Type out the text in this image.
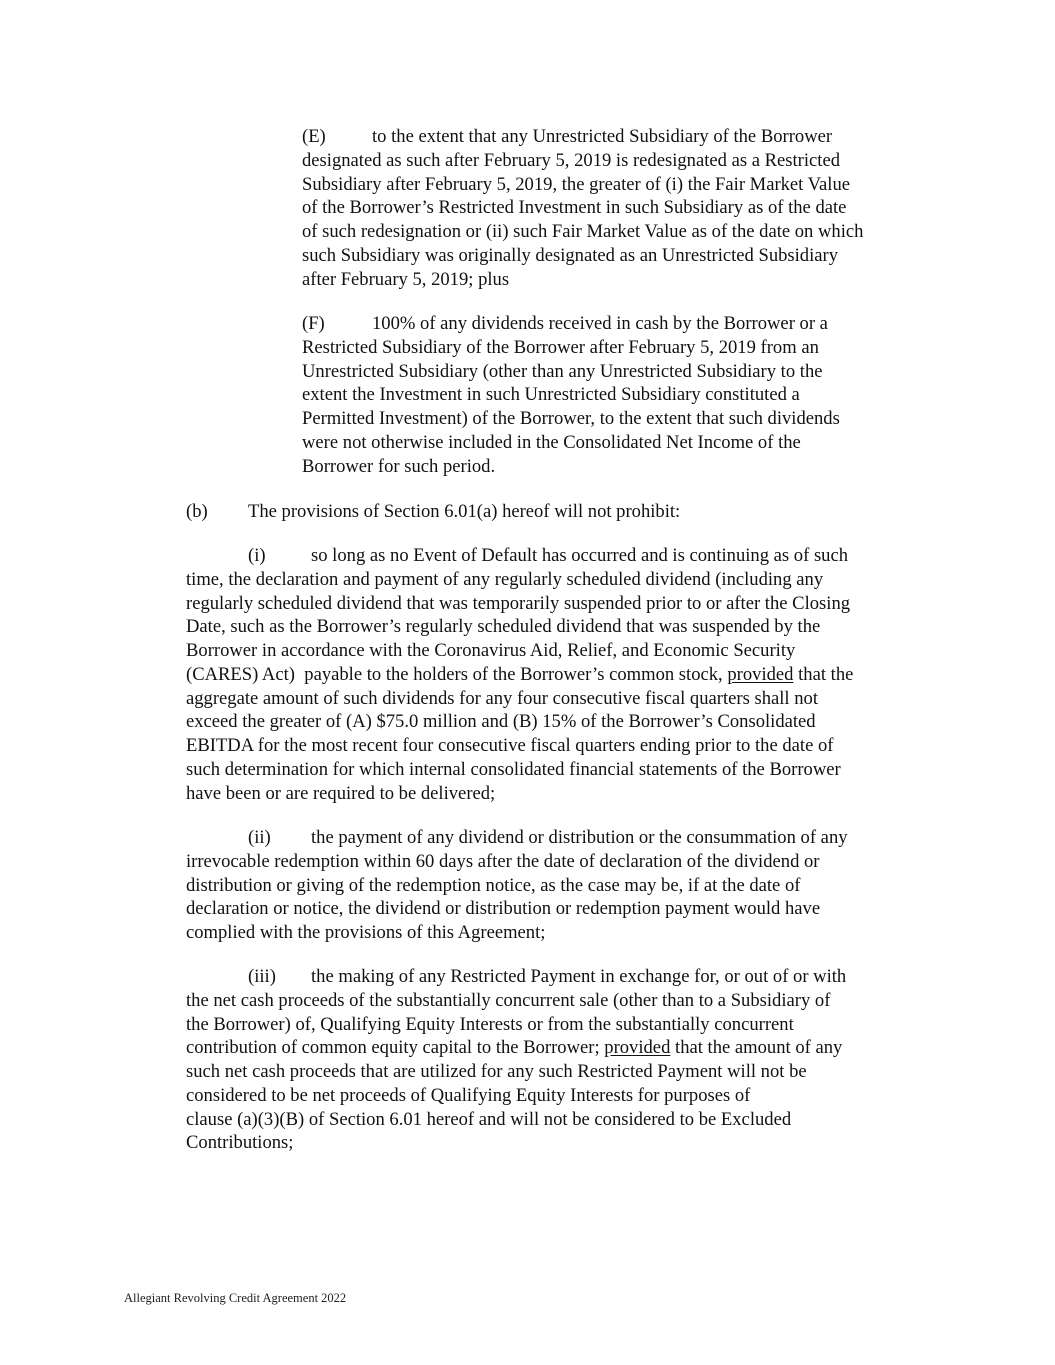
(E) to the extent that any Unrestricted Subsidiary of the Borrower
designated as such after February 5, 2019 is redesignated as a Restricted
Subsidiary after February 5, 2019, the greater of (i) the Fair Market Value
of the Borrower’s Restricted Investment in such Subsidiary as of the date
of such redesignation or (ii) such Fair Market Value as of the date on which
such Subsidiary was originally designated as an Unrestricted Subsidiary
after February 5, 2019; plus
(F)	100% of any dividends received in cash by the Borrower or a
Restricted Subsidiary of the Borrower after February 5, 2019 from an
Unrestricted Subsidiary (other than any Unrestricted Subsidiary to the
extent the Investment in such Unrestricted Subsidiary constituted a
Permitted Investment) of the Borrower, to the extent that such dividends
were not otherwise included in the Consolidated Net Income of the
Borrower for such period.
(b) The provisions of Section 6.01(a) hereof will not prohibit:
(i) so long as no Event of Default has occurred and is continuing as of such
time, the declaration and payment of any regularly scheduled dividend (including any
regularly scheduled dividend that was temporarily suspended prior to or after the Closing
Date, such as the Borrower’s regularly scheduled dividend that was suspended by the
Borrower in accordance with the Coronavirus Aid, Relief, and Economic Security
(CARES) Act)  payable to the holders of the Borrower’s common stock, provided that the
aggregate amount of such dividends for any four consecutive fiscal quarters shall not
exceed the greater of (A) $75.0 million and (B) 15% of the Borrower’s Consolidated
EBITDA for the most recent four consecutive fiscal quarters ending prior to the date of
such determination for which internal consolidated financial statements of the Borrower
have been or are required to be delivered;
(ii) the payment of any dividend or distribution or the consummation of any
irrevocable redemption within 60 days after the date of declaration of the dividend or
distribution or giving of the redemption notice, as the case may be, if at the date of
declaration or notice, the dividend or distribution or redemption payment would have
complied with the provisions of this Agreement;
(iii) the making of any Restricted Payment in exchange for, or out of or with
the net cash proceeds of the substantially concurrent sale (other than to a Subsidiary of
the Borrower) of, Qualifying Equity Interests or from the substantially concurrent
contribution of common equity capital to the Borrower; provided that the amount of any
such net cash proceeds that are utilized for any such Restricted Payment will not be
considered to be net proceeds of Qualifying Equity Interests for purposes of
clause (a)(3)(B) of Section 6.01 hereof and will not be considered to be Excluded
Contributions;
Allegiant Revolving Credit Agreement 2022
